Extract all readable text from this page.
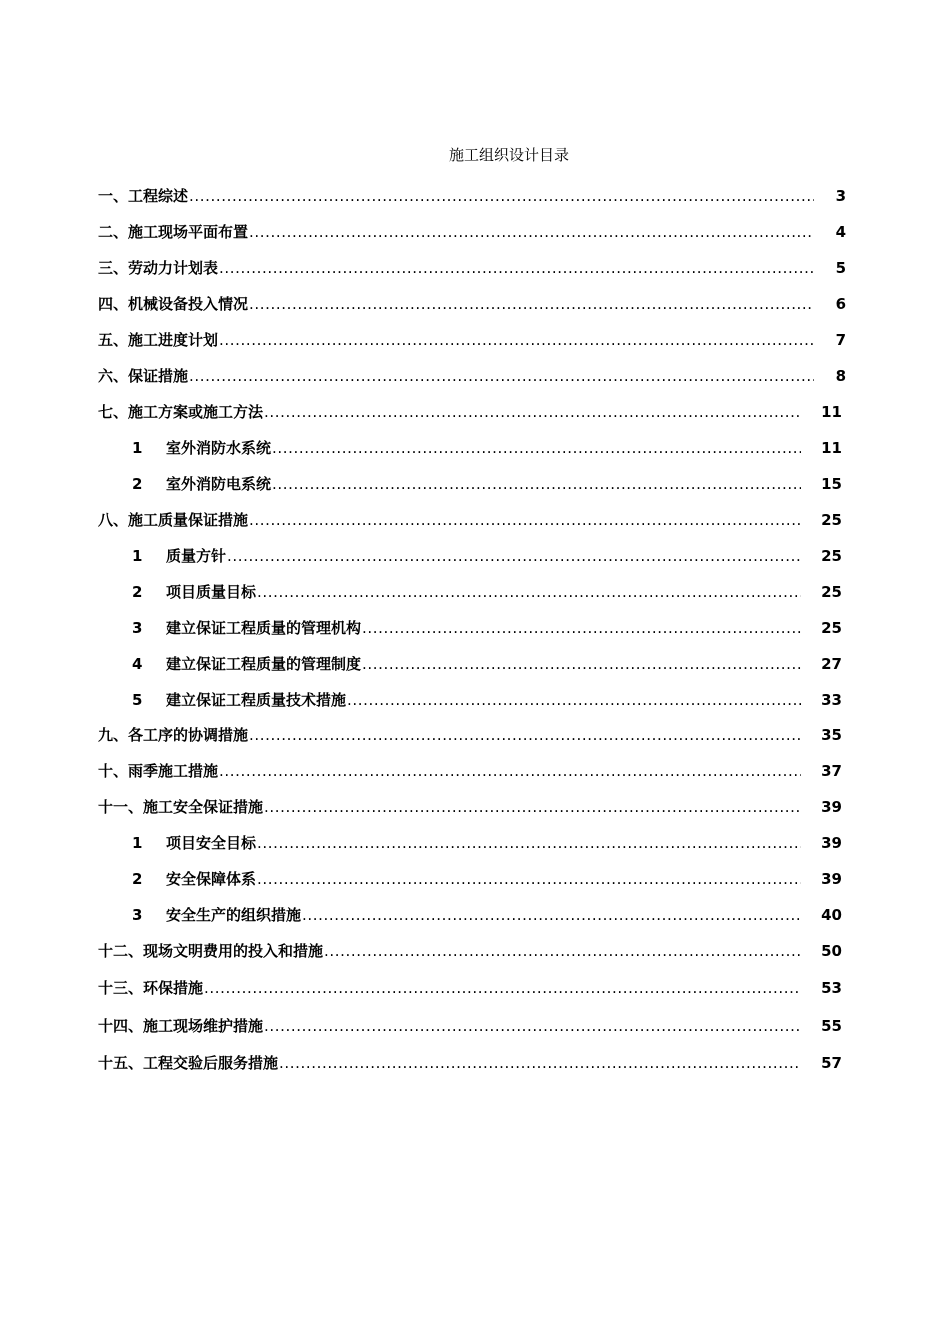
施工组织设计目录
一、工程综述 .....	3
二、施工现场平面布置 .....	4
三、劳动力计划表 .....	5
四、机械设备投入情况 .....	6
五、施工进度计划 .....	7
六、保证措施 .....	8
七、施工方案或施工方法 .....	11
1	室外消防水系统 .....	11
2	室外消防电系统 .....	15
八、施工质量保证措施 .....	25
1	质量方针 .....	25
2	项目质量目标 .....	25
3	建立保证工程质量的管理机构 .....	25
4	建立保证工程质量的管理制度 .....	27
5	建立保证工程质量技术措施 .....	33
九、各工序的协调措施 .....	35
十、雨季施工措施 .....	37
十一、施工安全保证措施 .....	39
1	项目安全目标 .....	39
2	安全保障体系 .....	39
3	安全生产的组织措施 .....	40
十二、现场文明费用的投入和措施 .....	50
十三、环保措施 .....	53
十四、施工现场维护措施 .....	55
十五、工程交验后服务措施 .....	57
